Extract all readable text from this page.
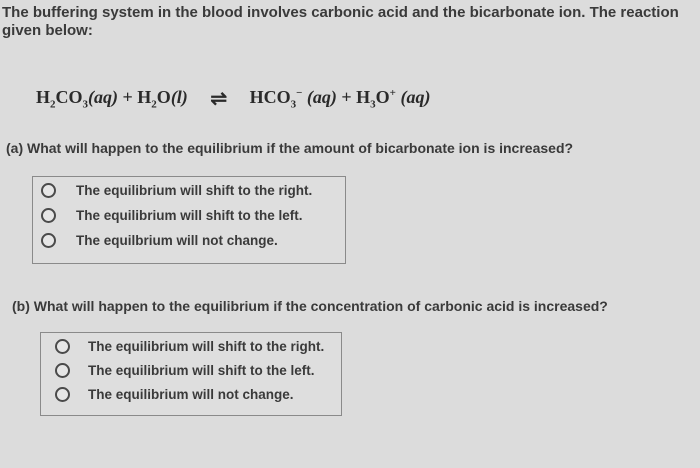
The buffering system in the blood involves carbonic acid and the bicarbonate ion. The reaction
given below:
$H_2CO_3(aq) + H_2O(l)$ ⇌ $HCO_3^-$ $(aq) + H_3O^+$ (aq)
(a) What will happen to the equilibrium if the amount of bicarbonate ion is increased?
The equilibrium will shift to the right.
The equilibrium will shift to the left.
The equilbrium will not change.
(b) What will happen to the equilibrium if the concentration of carbonic acid is increased?
The equilibrium will shift to the right.
The equilibrium will shift to the left.
The equilibrium will not change.
